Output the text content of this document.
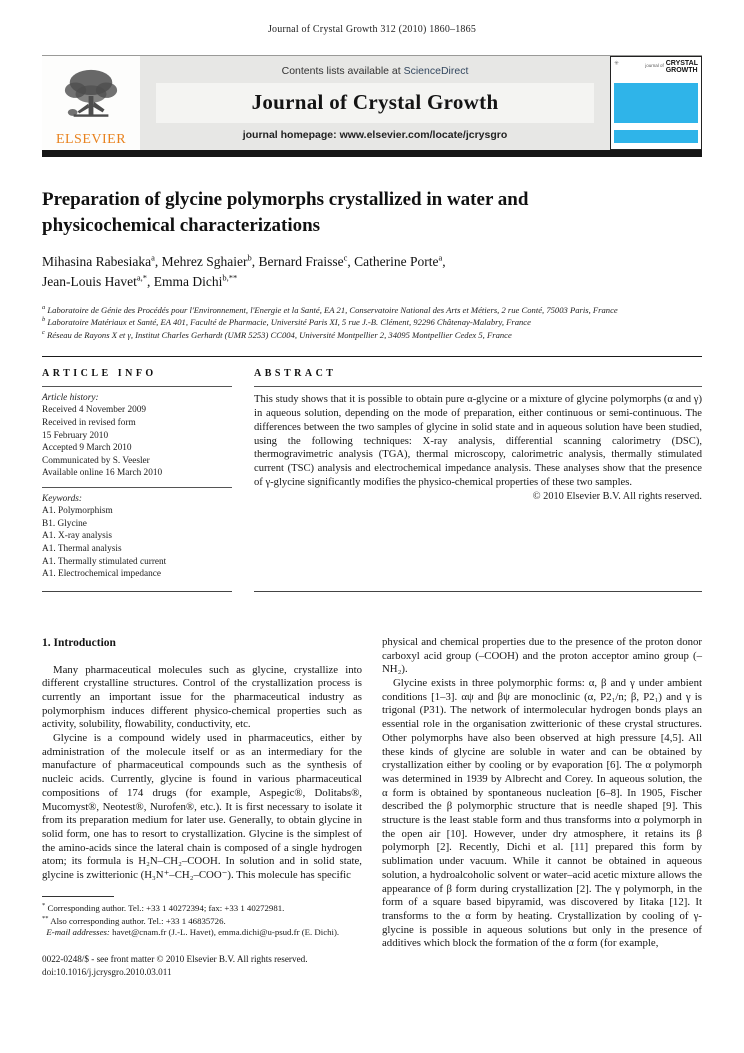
Journal of Crystal Growth 312 (2010) 1860–1865
ELSEVIER
Contents lists available at ScienceDirect
Journal of Crystal Growth
journal homepage: www.elsevier.com/locate/jcrysgro
✳	journal of CRYSTAL
GROWTH
Preparation of glycine polymorphs crystallized in water and
physicochemical characterizations
Mihasina Rabesiaka$^a$, Mehrez Sghaier$^b$, Bernard Fraisse$^c$, Catherine Porte$^a$,
Jean-Louis Havet$^{a,*}$, Emma Dichi$^{b,**}$
$^a$ Laboratoire de Génie des Procédés pour l'Environnement, l'Energie et la Santé, EA 21, Conservatoire National des Arts et Métiers, 2 rue Conté, 75003 Paris, France
$^b$ Laboratoire Matériaux et Santé, EA 401, Faculté de Pharmacie, Université Paris XI, 5 rue J.-B. Clément, 92296 Châtenay-Malabry, France
$^c$ Réseau de Rayons X et γ, Institut Charles Gerhardt (UMR 5253) CC004, Université Montpellier 2, 34095 Montpellier Cedex 5, France
ARTICLE INFO
Article history:
Received 4 November 2009
Received in revised form
15 February 2010
Accepted 9 March 2010
Communicated by S. Veesler
Available online 16 March 2010
Keywords:
A1. Polymorphism
B1. Glycine
A1. X-ray analysis
A1. Thermal analysis
A1. Thermally stimulated current
A1. Electrochemical impedance
ABSTRACT
This study shows that it is possible to obtain pure α-glycine or a mixture of glycine polymorphs (α and γ) in aqueous solution, depending on the mode of preparation, either continuous or semi-continuous. The differences between the two samples of glycine in solid state and in aqueous solution have been studied, using the following techniques: X-ray analysis, differential scanning calorimetry (DSC), thermogravimetric analysis (TGA), thermal microscopy, calorimetric analysis, thermally stimulated current (TSC) analysis and electrochemical impedance analysis. These analyses show that the presence of γ-glycine significantly modifies the physico-chemical properties of these two samples.
© 2010 Elsevier B.V. All rights reserved.
1. Introduction

Many pharmaceutical molecules such as glycine, crystallize into different crystalline structures. Control of the crystallization process is currently an important issue for the pharmaceutical industry as polymorphism induces different physico-chemical properties such as activity, solubility, flowability, conductivity, etc.

Glycine is a compound widely used in pharmaceutics, either by administration of the molecule itself or as an intermediary for the manufacture of pharmaceutical compounds such as the synthesis of nucleic acids. Currently, glycine is found in various pharmaceutical compositions of 174 drugs (for example, Aspegic®, Dolitabs®, Mucomyst®, Neotest®, Nurofen®, etc.). It is first necessary to isolate it from its preparation medium for later use. Generally, to obtain glycine in solid form, one has to resort to crystallization. Glycine is the simplest of the amino-acids since the lateral chain is composed of a single hydrogen atom; its formula is H₂N–CH₂–COOH. In solution and in solid state, glycine is zwitterionic (H₃N⁺–CH₂–COO⁻). This molecule has specific

* Corresponding author. Tel.: +33 1 40272394; fax: +33 1 40272981.
** Also corresponding author. Tel.: +33 1 46835726.
E-mail addresses: havet@cnam.fr (J.-L. Havet), emma.dichi@u-psud.fr (E. Dichi).
0022-0248/$ - see front matter © 2010 Elsevier B.V. All rights reserved.
doi:10.1016/j.jcrysgro.2010.03.011

physical and chemical properties due to the presence of the proton donor carboxyl acid group (–COOH) and the proton acceptor amino group (–NH₂).

Glycine exists in three polymorphic forms: α, β and γ under ambient conditions [1–3]. αψ and βψ are monoclinic (α, P2₁/n; β, P2₁) and γ is trigonal (P31). The network of intermolecular hydrogen bonds plays an essential role in the organisation zwitterionic of these crystal structures. Other polymorphs have also been observed at high pressure [4,5]. All these kinds of glycine are soluble in water and can be obtained by crystallization either by cooling or by evaporation [6]. The α polymorph was determined in 1939 by Albrecht and Corey. In aqueous solution, the α form is obtained by spontaneous nucleation [6–8]. In 1905, Fischer described the β polymorphic structure that is needle shaped [9]. This structure is the least stable form and thus transforms into α polymorph in the open air [10]. However, under dry atmosphere, it retains its β polymorph [2]. Recently, Dichi et al. [11] prepared this form by sublimation under vacuum. While it cannot be obtained in aqueous solution, a hydroalcoholic solvent or water–acid acetic mixture allows the appearance of β form during crystallization [2]. The γ polymorph, in the form of a square based bipyramid, was discovered by Iitaka [12]. It transforms to the α form by heating. Crystallization by cooling of γ-glycine is possible in aqueous solutions but only in the presence of additives which block the formation of the α form (for example,
